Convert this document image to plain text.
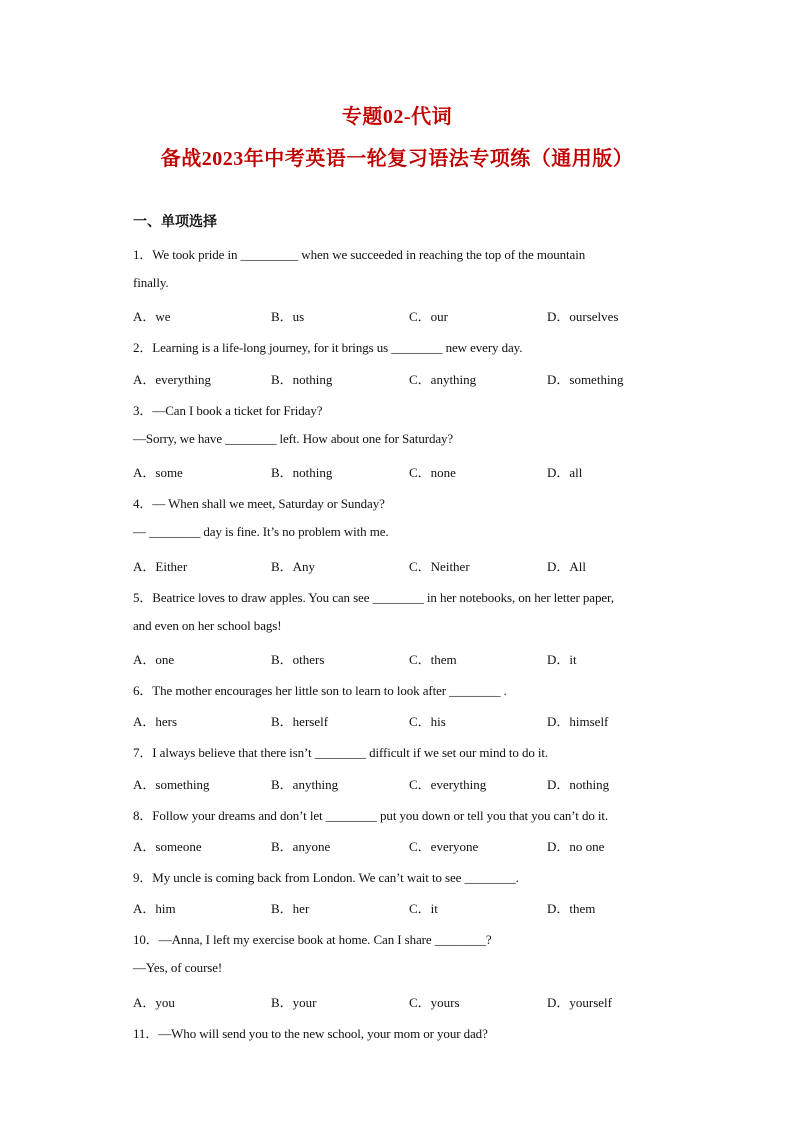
专题02-代词
备战2023年中考英语一轮复习语法专项练（通用版）
一、单项选择
1．We took pride in _________ when we succeeded in reaching the top of the mountain
finally.
A．we	B．us	C．our	D．ourselves
2．Learning is a life-long journey, for it brings us ________ new every day.
A．everything	B．nothing	C．anything	D．something
3．—Can I book a ticket for Friday?
—Sorry, we have ________ left. How about one for Saturday?
A．some	B．nothing	C．none	D．all
4．— When shall we meet, Saturday or Sunday?
— ________ day is fine. It’s no problem with me.
A．Either	B．Any	C．Neither	D．All
5．Beatrice loves to draw apples. You can see ________ in her notebooks, on her letter paper,
and even on her school bags!
A．one	B．others	C．them	D．it
6．The mother encourages her little son to learn to look after ________ .
A．hers	B．herself	C．his	D．himself
7．I always believe that there isn’t ________ difficult if we set our mind to do it.
A．something	B．anything	C．everything	D．nothing
8．Follow your dreams and don’t let ________ put you down or tell you that you can’t do it.
A．someone	B．anyone	C．everyone	D．no one
9．My uncle is coming back from London. We can’t wait to see ________.
A．him	B．her	C．it	D．them
10．—Anna, I left my exercise book at home. Can I share ________?
—Yes, of course!
A．you	B．your	C．yours	D．yourself
11．—Who will send you to the new school, your mom or your dad?
